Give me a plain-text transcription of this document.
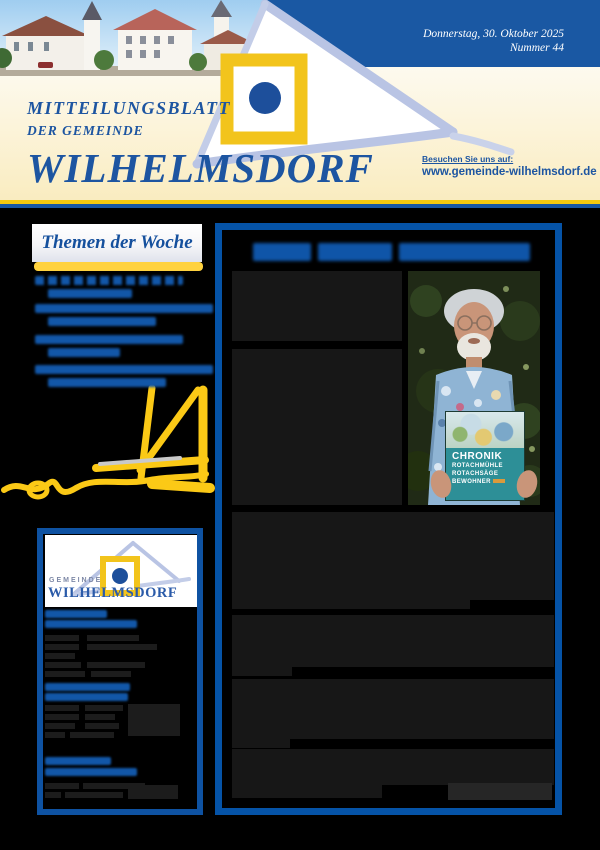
Donnerstag, 30. Oktober 2025
Nummer 44
MITTEILUNGSBLATT
DER GEMEINDE
WILHELMSDORF	Besuchen Sie uns auf:
www.gemeinde-wilhelmsdorf.de
Themen der Woche
GEMEINDE
WILHELMSDORF
CHRONIK
ROTACHMÜHLE
ROTACHSÄGE
BEWOHNER
